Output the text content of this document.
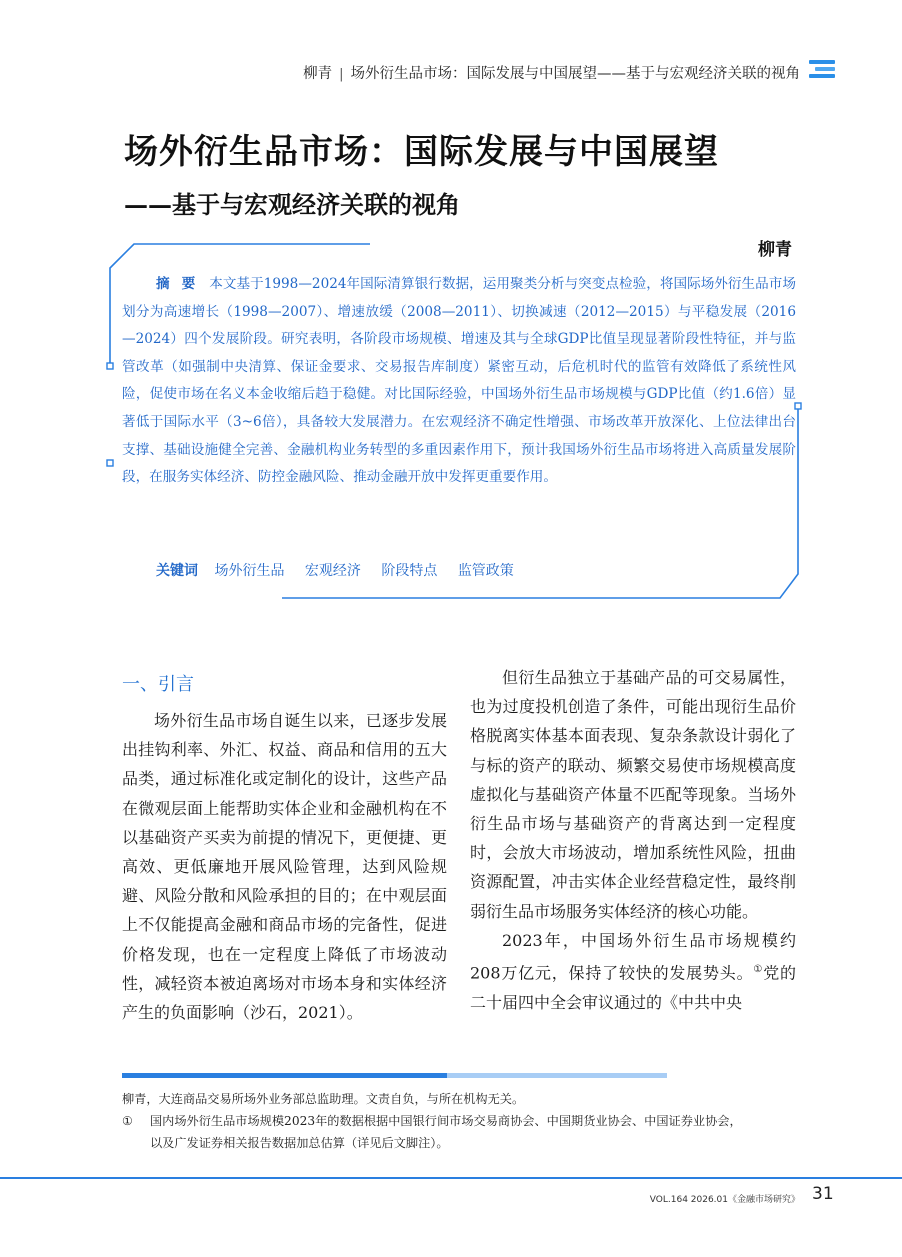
柳青 | 场外衍生品市场：国际发展与中国展望——基于与宏观经济关联的视角
场外衍生品市场：国际发展与中国展望
——基于与宏观经济关联的视角
柳青
摘要 本文基于1998—2024年国际清算银行数据，运用聚类分析与突变点检验，将国际场外衍生品市场划分为高速增长（1998—2007）、增速放缓（2008—2011）、切换减速（2012—2015）与平稳发展（2016—2024）四个发展阶段。研究表明，各阶段市场规模、增速及其与全球GDP比值呈现显著阶段性特征，并与监管改革（如强制中央清算、保证金要求、交易报告库制度）紧密互动，后危机时代的监管有效降低了系统性风险，促使市场在名义本金收缩后趋于稳健。对比国际经验，中国场外衍生品市场规模与GDP比值（约1.6倍）显著低于国际水平（3~6倍），具备较大发展潜力。在宏观经济不确定性增强、市场改革开放深化、上位法律出台支撑、基础设施健全完善、金融机构业务转型的多重因素作用下，预计我国场外衍生品市场将进入高质量发展阶段，在服务实体经济、防控金融风险、推动金融开放中发挥更重要作用。
关键词 场外衍生品 宏观经济 阶段特点 监管政策
一、引言

场外衍生品市场自诞生以来，已逐步发展出挂钩利率、外汇、权益、商品和信用的五大品类，通过标准化或定制化的设计，这些产品在微观层面上能帮助实体企业和金融机构在不以基础资产买卖为前提的情况下，更便捷、更高效、更低廉地开展风险管理，达到风险规避、风险分散和风险承担的目的；在中观层面上不仅能提高金融和商品市场的完备性，促进价格发现，也在一定程度上降低了市场波动性，减轻资本被迫离场对市场本身和实体经济产生的负面影响（沙石，2021）。

但衍生品独立于基础产品的可交易属性，也为过度投机创造了条件，可能出现衍生品价格脱离实体基本面表现、复杂条款设计弱化了与标的资产的联动、频繁交易使市场规模高度虚拟化与基础资产体量不匹配等现象。当场外衍生品市场与基础资产的背离达到一定程度时，会放大市场波动，增加系统性风险，扭曲资源配置，冲击实体企业经营稳定性，最终削弱衍生品市场服务实体经济的核心功能。

2023年，中国场外衍生品市场规模约208万亿元，保持了较快的发展势头。①党的二十届四中全会审议通过的《中共中央

柳青，大连商品交易所场外业务部总监助理。文责自负，与所在机构无关。

① 国内场外衍生品市场规模2023年的数据根据中国银行间市场交易商协会、中国期货业协会、中国证券业协会，

以及广发证券相关报告数据加总估算（详见后文脚注）。

VOL.164 2026.01《金融市场研究》 31
